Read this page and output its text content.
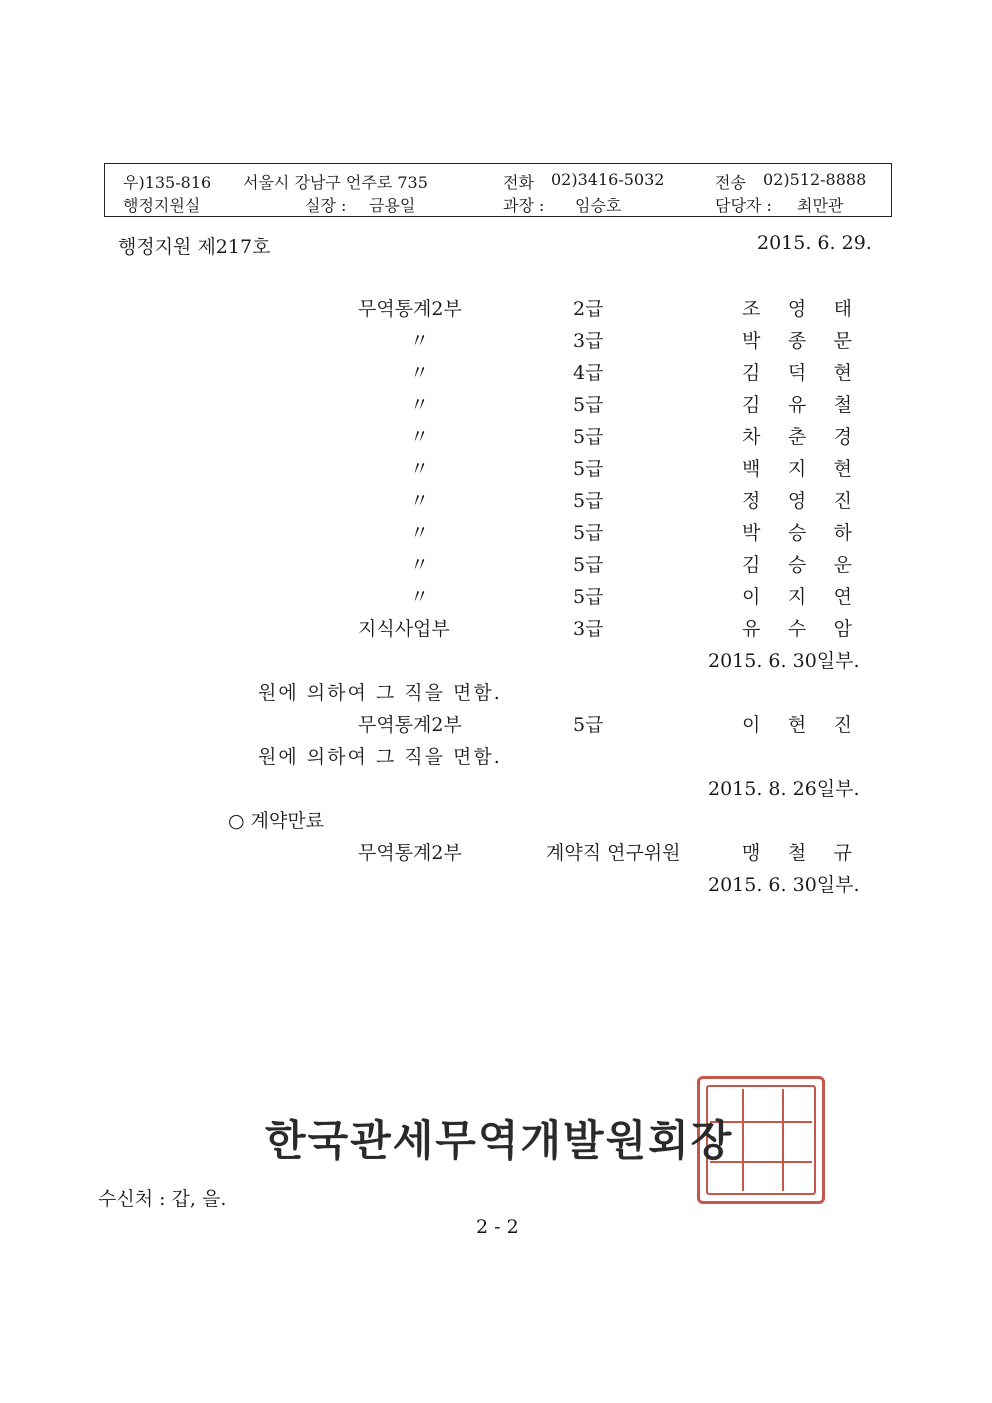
우)135-816 서울시 강남구 언주로 735	전화 02)3416-5032	전송 02)512-8888
행정지원실	실장 : 금용일	과장 : 임승호	담당자 : 최만관
행정지원 제217호	2015. 6. 29.
무역통계2부	2급	조 영 태
〃	3급	박 종 문
〃	4급	김 덕 현
〃	5급	김 유 철
〃	5급	차 춘 경
〃	5급	백 지 현
〃	5급	정 영 진
〃	5급	박 승 하
〃	5급	김 승 운
〃	5급	이 지 연
지식사업부	3급	유 수 암
2015. 6. 30일부.
원에 의하여 그 직을 면함.
무역통계2부	5급	이 현 진
원에 의하여 그 직을 면함.
2015. 8. 26일부.
○ 계약만료
무역통계2부	계약직 연구위원	맹 철 규
2015. 6. 30일부.
한국관세무역개발원회장
수신처 : 갑, 을.
2 - 2
